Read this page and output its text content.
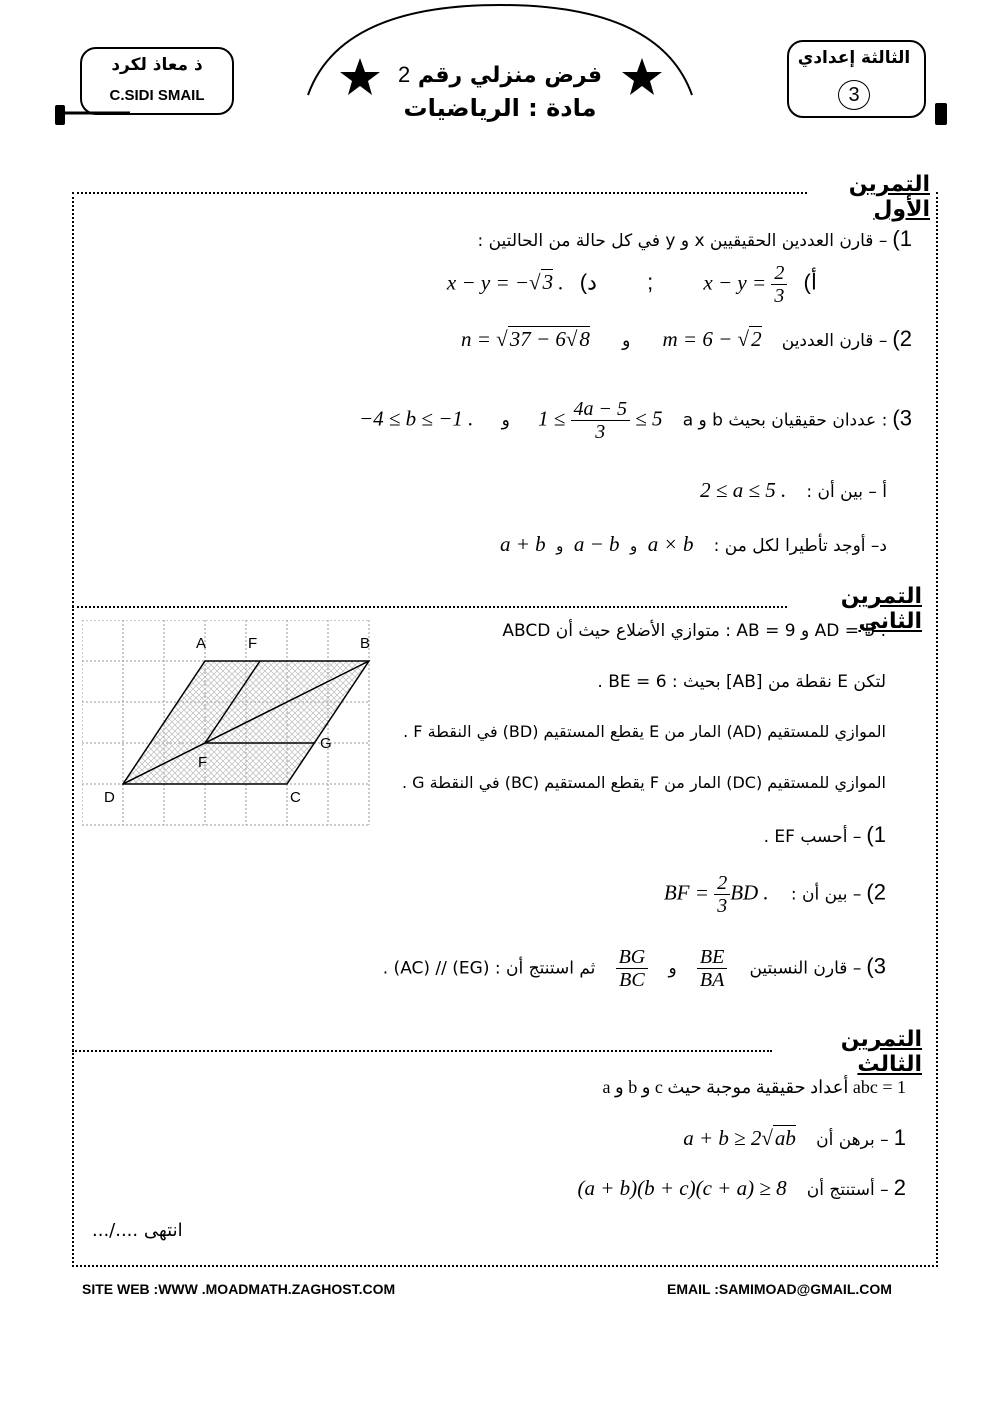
ذ معاذ لكرد
C.SIDI SMAIL
الثالثة إعدادي
3
فرض منزلي رقم 2
مادة : الرياضيات
التمرين الأول
1) – قارن العددين الحقيقيين x و y في كل حالة من الحالتين :
أ)  $x - y = \frac{2}{3}$
;  د)  x − y = −√3 .
2) – قارن العددين  m = 6 − √2  و  n = √37 − 6√8
3) a و b عددان حقيقيان بحيث :  $1 \le \frac{4a - 5}{3} \le 5$  و  −4 ≤ b ≤ −1 .
أ – بين أن :  2 ≤ a ≤ 5 .
د– أوجد تأطيرا لكل من :  a + b  و  a − b  و  a × b
التمرين الثاني
A	F	B
G
F
D	C
ABCD متوازي الأضلاع حيث أن : AB = 9 و AD = 5 .
لتكن E نقطة من [AB] بحيث : BE = 6 .
الموازي للمستقيم (AD) المار من E يقطع المستقيم (BD) في النقطة F .
الموازي للمستقيم (DC) المار من F يقطع المستقيم (BC) في النقطة G .
1) – أحسب EF .
2) – بين أن :  BF = $\frac{2}{3}$ BD .
3) – قارن النسبتين
$\frac{BE}{BA}$
و
$\frac{BG}{BC}$
ثم استنتج أن : (EG) // (AC) .
التمرين الثالث
a و b و c أعداد حقيقية موجبة حيث abc = 1
1 – برهن أن  a + b ≥ 2√ab
2 – أستنتج أن  (a + b)(b + c)(c + a) ≥ 8
انتهى ..../...
SITE WEB :WWW .MOADMATH.ZAGHOST.COM	EMAIL :SAMIMOAD@GMAIL.COM
